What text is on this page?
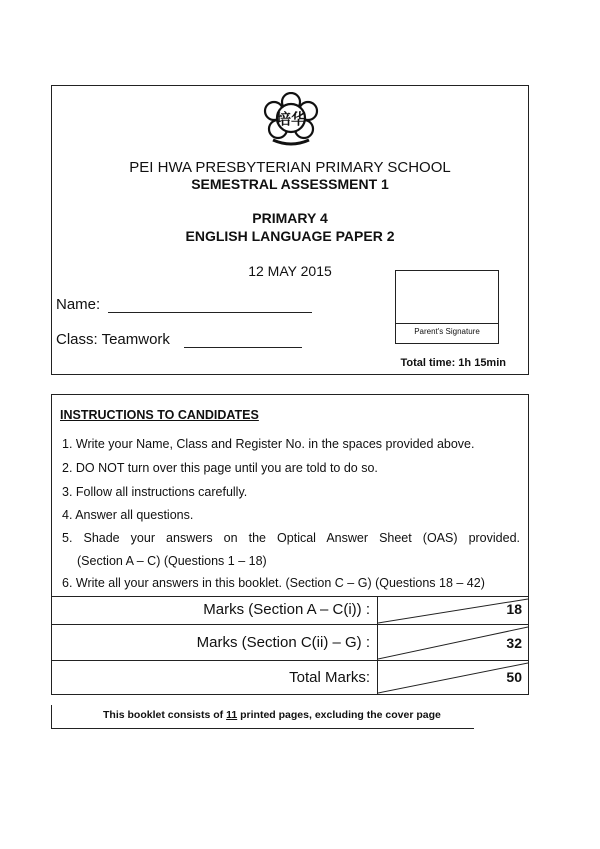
培华
PEI HWA PRESBYTERIAN PRIMARY SCHOOL
SEMESTRAL ASSESSMENT 1
PRIMARY 4
ENGLISH LANGUAGE PAPER 2
12 MAY 2015
Name:
Class: Teamwork	Parent's Signature
Total time: 1h 15min
INSTRUCTIONS TO CANDIDATES
1. Write your Name, Class and Register No. in the spaces provided above.
2. DO NOT turn over this page until you are told to do so.
3. Follow all instructions carefully.
4. Answer all questions.
5. Shade your answers on the Optical Answer Sheet (OAS) provided.
(Section A – C) (Questions 1 – 18)
6. Write all your answers in this booklet. (Section C – G) (Questions 18 – 42)
Marks (Section A – C(i)) :	18
Marks (Section C(ii) – G) :	32
Total Marks:	50
This booklet consists of 11 printed pages, excluding the cover page
